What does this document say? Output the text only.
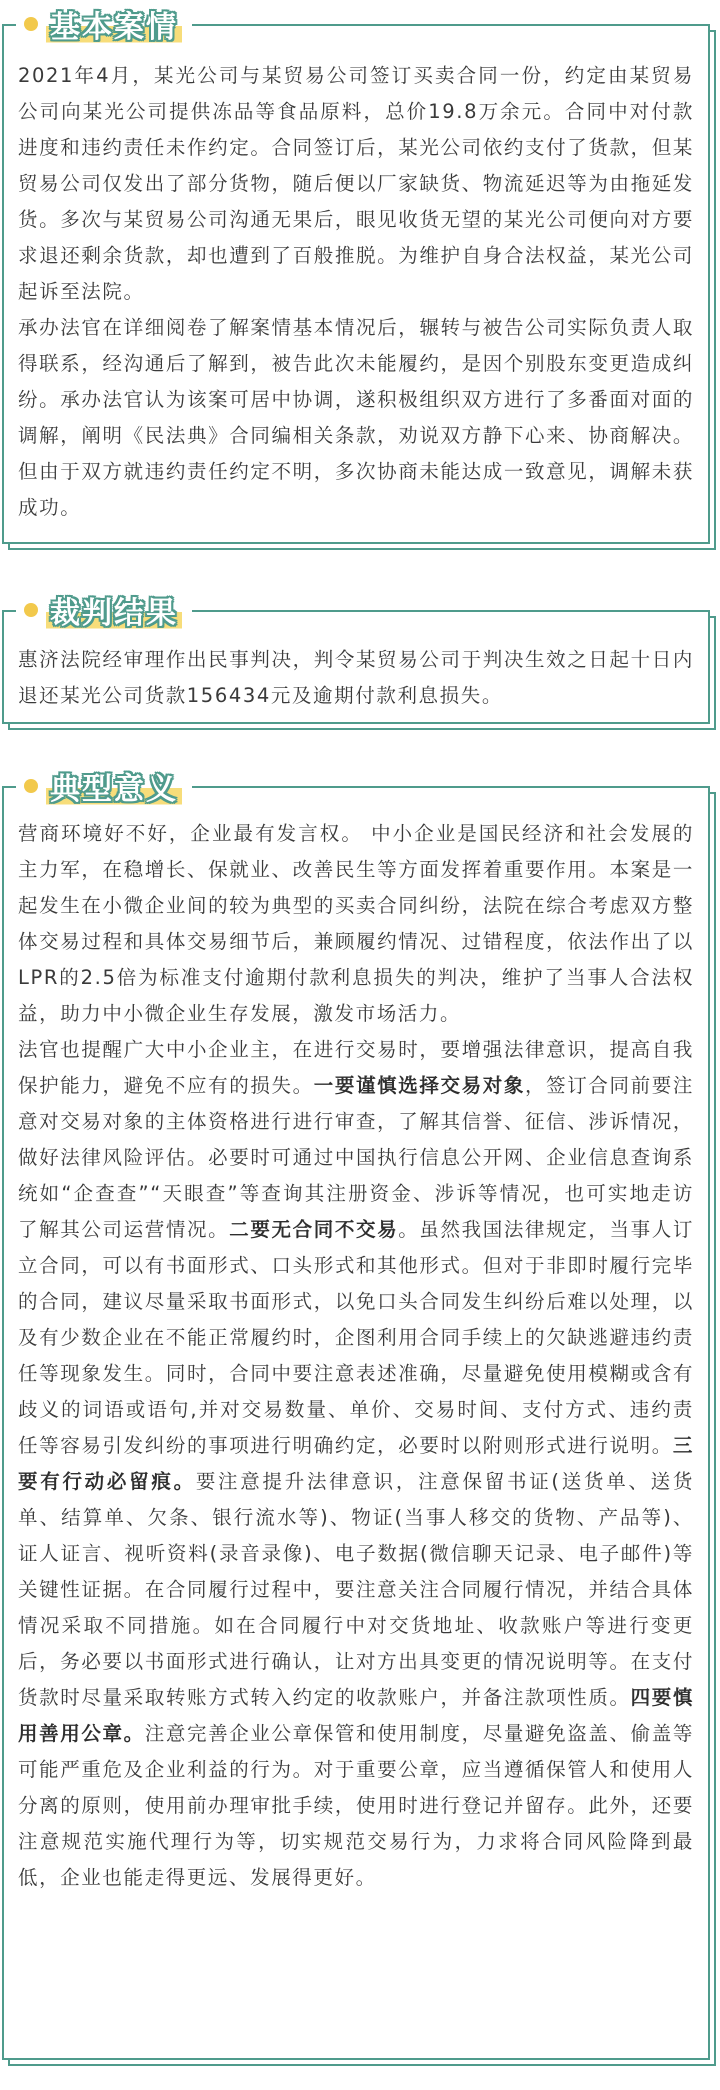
基本案情

2021年4月，某光公司与某贸易公司签订买卖合同一份，约定由某贸易公司向某光公司提供冻品等食品原料，总价19.8万余元。合同中对付款进度和违约责任未作约定。合同签订后，某光公司依约支付了货款，但某贸易公司仅发出了部分货物，随后便以厂家缺货、物流延迟等为由拖延发货。多次与某贸易公司沟通无果后，眼见收货无望的某光公司便向对方要求退还剩余货款，却也遭到了百般推脱。为维护自身合法权益，某光公司起诉至法院。

承办法官在详细阅卷了解案情基本情况后，辗转与被告公司实际负责人取得联系，经沟通后了解到，被告此次未能履约，是因个别股东变更造成纠纷。承办法官认为该案可居中协调，遂积极组织双方进行了多番面对面的调解，阐明《民法典》合同编相关条款，劝说双方静下心来、协商解决。但由于双方就违约责任约定不明，多次协商未能达成一致意见，调解未获成功。

裁判结果

惠济法院经审理作出民事判决，判令某贸易公司于判决生效之日起十日内退还某光公司货款156434元及逾期付款利息损失。

典型意义

营商环境好不好，企业最有发言权。 中小企业是国民经济和社会发展的主力军，在稳增长、保就业、改善民生等方面发挥着重要作用。本案是一起发生在小微企业间的较为典型的买卖合同纠纷，法院在综合考虑双方整体交易过程和具体交易细节后，兼顾履约情况、过错程度，依法作出了以LPR的2.5倍为标准支付逾期付款利息损失的判决，维护了当事人合法权益，助力中小微企业生存发展，激发市场活力。

法官也提醒广大中小企业主，在进行交易时，要增强法律意识，提高自我保护能力，避免不应有的损失。一要谨慎选择交易对象，签订合同前要注意对交易对象的主体资格进行进行审查，了解其信誉、征信、涉诉情况，做好法律风险评估。必要时可通过中国执行信息公开网、企业信息查询系统如“企查查”“天眼查”等查询其注册资金、涉诉等情况，也可实地走访了解其公司运营情况。二要无合同不交易。虽然我国法律规定，当事人订立合同，可以有书面形式、口头形式和其他形式。但对于非即时履行完毕的合同，建议尽量采取书面形式，以免口头合同发生纠纷后难以处理，以及有少数企业在不能正常履约时，企图利用合同手续上的欠缺逃避违约责任等现象发生。同时，合同中要注意表述准确，尽量避免使用模糊或含有歧义的词语或语句,并对交易数量、单价、交易时间、支付方式、违约责任等容易引发纠纷的事项进行明确约定，必要时以附则形式进行说明。三要有行动必留痕。要注意提升法律意识，注意保留书证(送货单、送货单、结算单、欠条、银行流水等)、物证(当事人移交的货物、产品等)、证人证言、视听资料(录音录像)、电子数据(微信聊天记录、电子邮件)等关键性证据。在合同履行过程中，要注意关注合同履行情况，并结合具体情况采取不同措施。如在合同履行中对交货地址、收款账户等进行变更后，务必要以书面形式进行确认，让对方出具变更的情况说明等。在支付货款时尽量采取转账方式转入约定的收款账户，并备注款项性质。四要慎用善用公章。注意完善企业公章保管和使用制度，尽量避免盗盖、偷盖等可能严重危及企业利益的行为。对于重要公章，应当遵循保管人和使用人分离的原则，使用前办理审批手续，使用时进行登记并留存。此外，还要注意规范实施代理行为等，切实规范交易行为，力求将合同风险降到最低，企业也能走得更远、发展得更好。
